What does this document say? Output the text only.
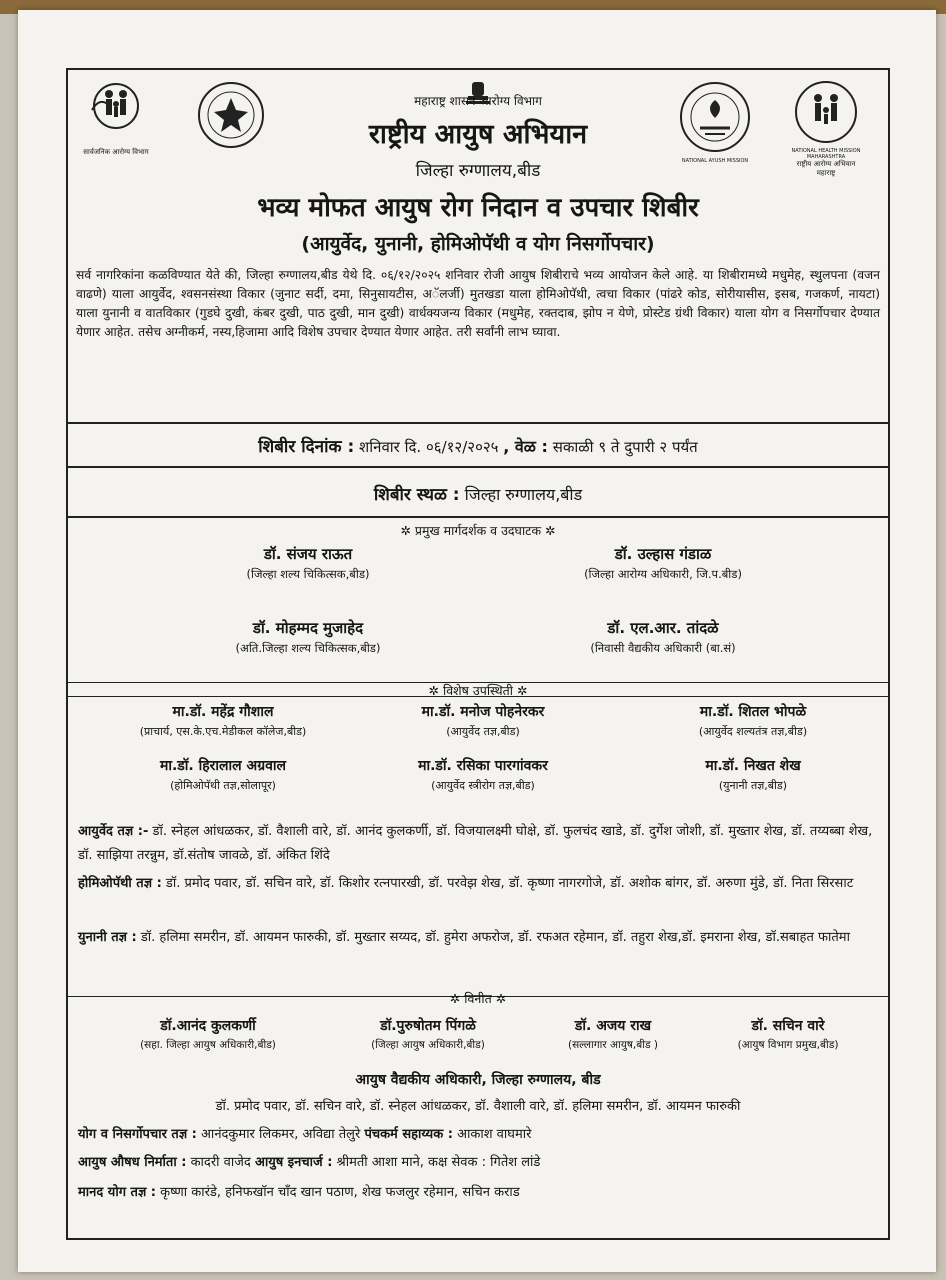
सार्वजनिक आरोग्य विभाग
NATIONAL AYUSH MISSION
NATIONAL HEALTH MISSION MAHARASHTRA
राष्ट्रीय आरोग्य अभियान
महाराष्ट्र
महाराष्ट्र शासन आरोग्य विभाग
राष्ट्रीय आयुष अभियान
जिल्हा रुग्णालय,बीड
भव्य मोफत आयुष रोग निदान व उपचार शिबीर
(आयुर्वेद, युनानी, होमिओपॅथी व योग निसर्गोपचार)
सर्व नागरिकांना कळविण्यात येते की, जिल्हा रुग्णालय,बीड येथे दि. ०६/१२/२०२५ शनिवार रोजी आयुष शिबीराचे भव्य आयोजन केले आहे. या शिबीरामध्ये मधुमेह, स्थुलपना (वजन वाढणे) याला आयुर्वेद, श्वसनसंस्था विकार (जुनाट सर्दी, दमा, सिनुसायटीस, अॅलर्जी) मुतखडा याला होमिओपॅथी, त्वचा विकार (पांढरे कोड, सोरीयासीस, इसब, गजकर्ण, नायटा) याला युनानी व वातविकार (गुडघे दुखी, कंबर दुखी, पाठ दुखी, मान दुखी) वार्धक्यजन्य विकार (मधुमेह, रक्तदाब, झोप न येणे, प्रोस्टेड ग्रंथी विकार) याला योग व निसर्गोपचार देण्यात येणार आहेत. तसेच अग्नीकर्म, नस्य,हिजामा आदि विशेष उपचार देण्यात येणार आहेत. तरी सर्वांनी लाभ घ्यावा.
शिबीर दिनांक : शनिवार दि. ०६/१२/२०२५ , वेळ : सकाळी ९ ते दुपारी २ पर्यंत
शिबीर स्थळ : जिल्हा रुग्णालय,बीड
✲ प्रमुख मार्गदर्शक व उदघाटक ✲
डॉ. संजय राऊत
(जिल्हा शल्य चिकित्सक,बीड)
डॉ. उल्हास गंडाळ
(जिल्हा आरोग्य अधिकारी, जि.प.बीड)
डॉ. मोहम्मद मुजाहेद
(अति.जिल्हा शल्य चिकित्सक,बीड)
डॉ. एल.आर. तांदळे
(निवासी वैद्यकीय अधिकारी (बा.सं)
✲ विशेष उपस्थिती ✲
मा.डॉ. महेंद्र गौशाल
(प्राचार्य, एस.के.एच.मेडीकल कॉलेज,बीड)
मा.डॉ. मनोज पोहनेरकर
(आयुर्वेद तज्ञ,बीड)
मा.डॉ. शितल भोपळे
(आयुर्वेद शल्यतंत्र तज्ञ,बीड)
मा.डॉ. हिरालाल अग्रवाल
(होमिओपॅथी तज्ञ,सोलापूर)
मा.डॉ. रसिका पारगांवकर
(आयुर्वेद स्त्रीरोग तज्ञ,बीड)
मा.डॉ. निखत शेख
(युनानी तज्ञ,बीड)
आयुर्वेद तज्ञ :- डॉ. स्नेहल आंधळकर, डॉ. वैशाली वारे, डॉ. आनंद कुलकर्णी, डॉ. विजयालक्ष्मी घोक्षे, डॉ. फुलचंद खाडे, डॉ. दुर्गेश जोशी, डॉ. मुख्तार शेख, डॉ. तय्यब्बा शेख, डॉ. साझिया तरन्नुम, डॉ.संतोष जावळे, डॉ. अंकित शिंदे
होमिओपॅथी तज्ञ : डॉ. प्रमोद पवार, डॉ. सचिन वारे, डॉ. किशोर रत्नपारखी, डॉ. परवेझ शेख, डॉ. कृष्णा नागरगोजे, डॉ. अशोक बांगर, डॉ. अरुणा मुंडे, डॉ. निता सिरसाट
युनानी तज्ञ : डॉ. हलिमा समरीन, डॉ. आयमन फारुकी, डॉ. मुख्तार सय्यद, डॉ. हुमेरा अफरोज, डॉ. रफअत रहेमान, डॉ. तहुरा शेख,डॉ. इमराना शेख, डॉ.सबाहत फातेमा
✲ विनीत ✲
डॉ.आनंद कुलकर्णी
(सहा. जिल्हा आयुष अधिकारी,बीड)
डॉ.पुरुषोतम पिंगळे
(जिल्हा आयुष अधिकारी,बीड)
डॉ. अजय राख
(सल्लागार आयुष,बीड )
डॉ. सचिन वारे
(आयुष विभाग प्रमुख,बीड)
आयुष वैद्यकीय अधिकारी, जिल्हा रुग्णालय, बीड
डॉ. प्रमोद पवार, डॉ. सचिन वारे, डॉ. स्नेहल आंधळकर, डॉ. वैशाली वारे, डॉ. हलिमा समरीन, डॉ. आयमन फारुकी
योग व निसर्गोपचार तज्ञ : आनंदकुमार लिकमर, अविद्या तेलुरे पंचकर्म सहाय्यक : आकाश वाघमारे
आयुष औषध निर्माता : कादरी वाजेद आयुष इनचार्ज : श्रीमती आशा माने, कक्ष सेवक : गितेश लांडे
मानद योग तज्ञ : कृष्णा कारंडे, हनिफखॉन चाँद खान पठाण, शेख फजलुर रहेमान, सचिन कराड
